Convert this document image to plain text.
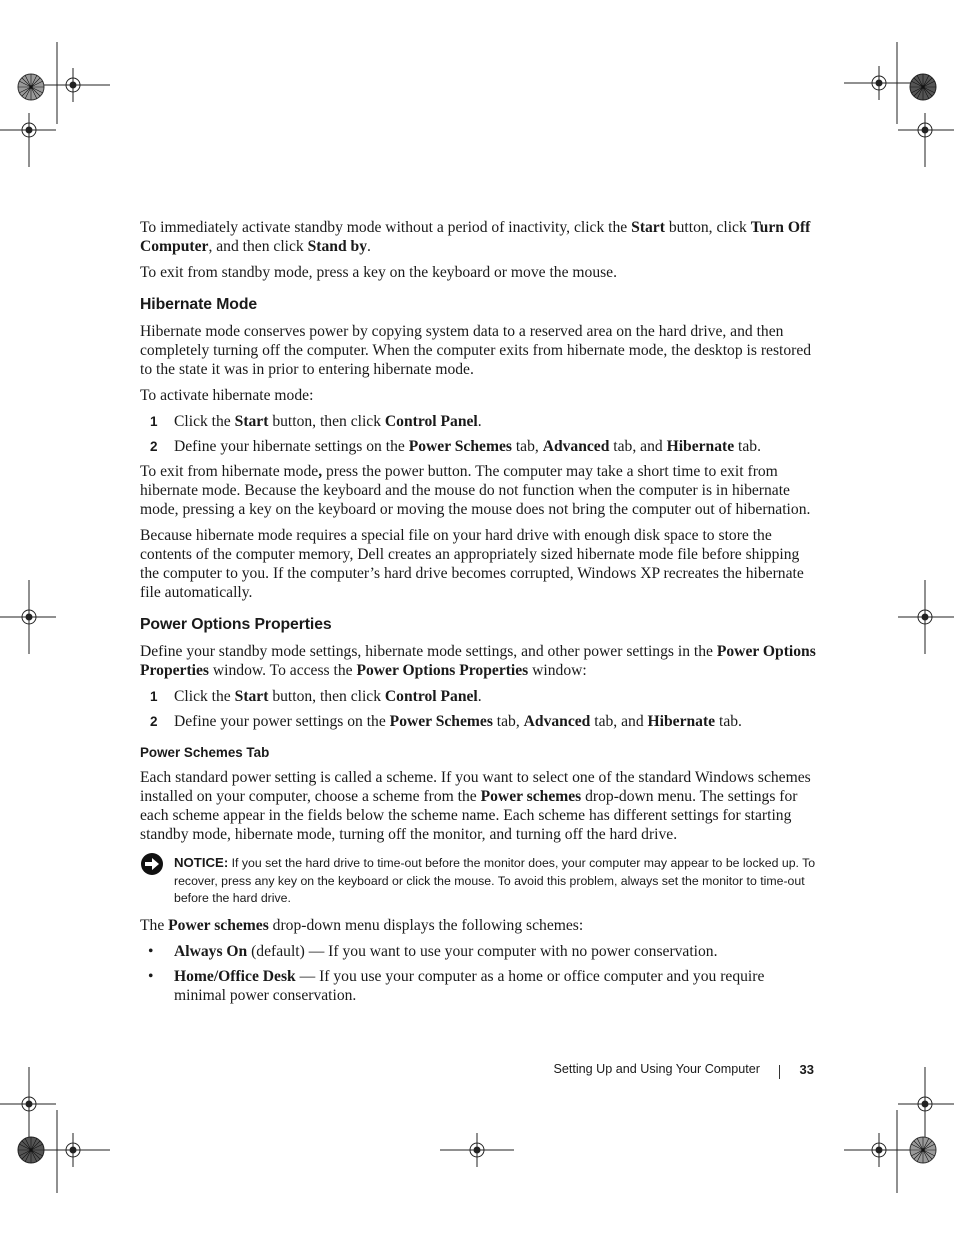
To immediately activate standby mode without a period of inactivity, click the Start button, click Turn Off Computer, and then click Stand by.

To exit from standby mode, press a key on the keyboard or move the mouse.

Hibernate Mode

Hibernate mode conserves power by copying system data to a reserved area on the hard drive, and then completely turning off the computer. When the computer exits from hibernate mode, the desktop is restored to the state it was in prior to entering hibernate mode.

To activate hibernate mode:

1 Click the Start button, then click Control Panel.
2 Define your hibernate settings on the Power Schemes tab, Advanced tab, and Hibernate tab.

To exit from hibernate mode, press the power button. The computer may take a short time to exit from hibernate mode. Because the keyboard and the mouse do not function when the computer is in hibernate mode, pressing a key on the keyboard or moving the mouse does not bring the computer out of hibernation.

Because hibernate mode requires a special file on your hard drive with enough disk space to store the contents of the computer memory, Dell creates an appropriately sized hibernate mode file before shipping the computer to you. If the computer’s hard drive becomes corrupted, Windows XP recreates the hibernate file automatically.

Power Options Properties

Define your standby mode settings, hibernate mode settings, and other power settings in the Power Options Properties window. To access the Power Options Properties window:

1 Click the Start button, then click Control Panel.
2 Define your power settings on the Power Schemes tab, Advanced tab, and Hibernate tab.
Power Schemes Tab

Each standard power setting is called a scheme. If you want to select one of the standard Windows schemes installed on your computer, choose a scheme from the Power schemes drop-down menu. The settings for each scheme appear in the fields below the scheme name. Each scheme has different settings for starting standby mode, hibernate mode, turning off the monitor, and turning off the hard drive.

NOTICE: If you set the hard drive to time-out before the monitor does, your computer may appear to be locked up. To recover, press any key on the keyboard or click the mouse. To avoid this problem, always set the monitor to time-out before the hard drive.

The Power schemes drop-down menu displays the following schemes:

• Always On (default) — If you want to use your computer with no power conservation.
• Home/Office Desk — If you use your computer as a home or office computer and you require minimal power conservation.
Setting Up and Using Your Computer	33
